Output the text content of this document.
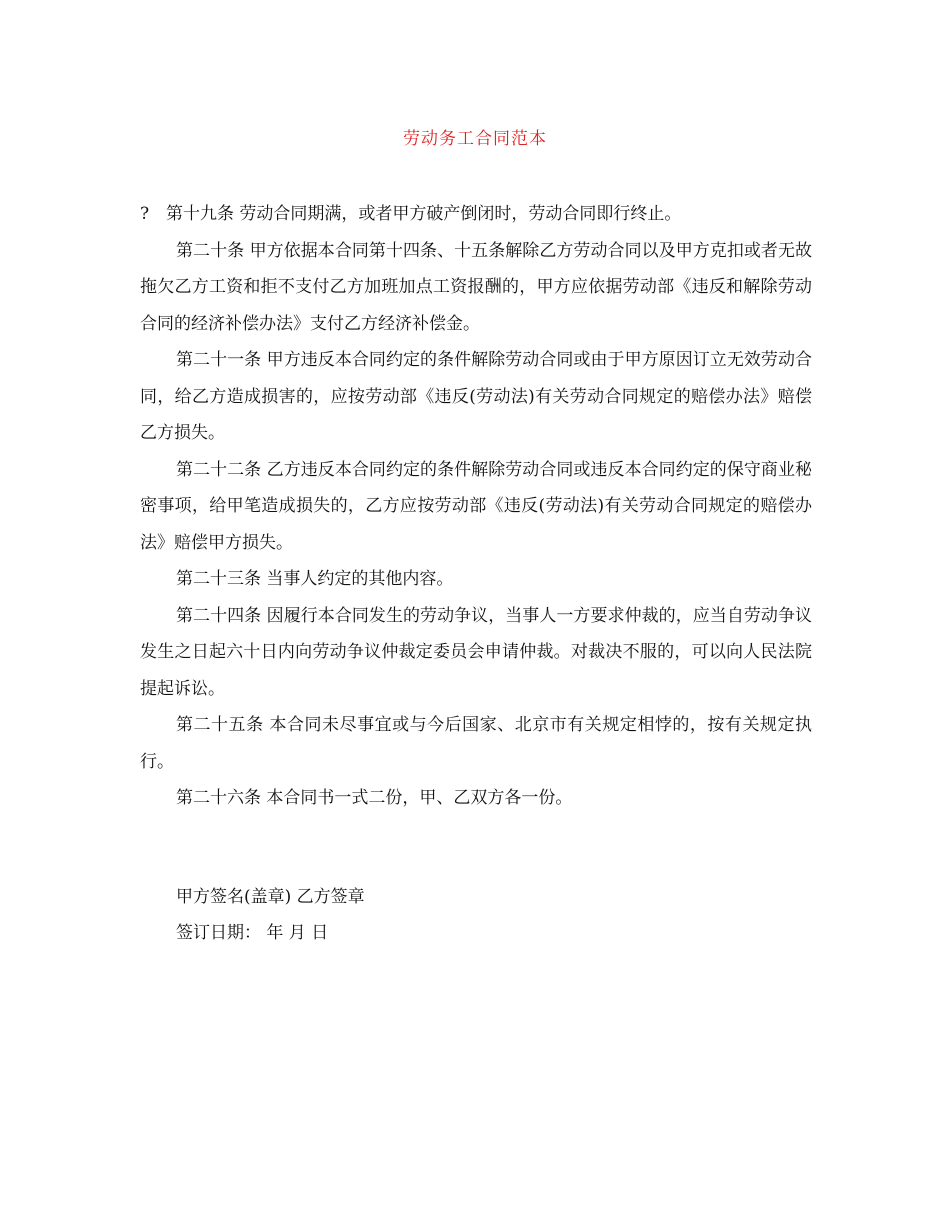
劳动务工合同范本

? 第十九条 劳动合同期满，或者甲方破产倒闭时，劳动合同即行终止。

第二十条 甲方依据本合同第十四条、十五条解除乙方劳动合同以及甲方克扣或者无故拖欠乙方工资和拒不支付乙方加班加点工资报酬的，甲方应依据劳动部《违反和解除劳动合同的经济补偿办法》支付乙方经济补偿金。

第二十一条 甲方违反本合同约定的条件解除劳动合同或由于甲方原因订立无效劳动合同，给乙方造成损害的，应按劳动部《违反(劳动法)有关劳动合同规定的赔偿办法》赔偿乙方损失。

第二十二条 乙方违反本合同约定的条件解除劳动合同或违反本合同约定的保守商业秘密事项，给甲笔造成损失的，乙方应按劳动部《违反(劳动法)有关劳动合同规定的赔偿办法》赔偿甲方损失。

第二十三条 当事人约定的其他内容。

第二十四条 因履行本合同发生的劳动争议，当事人一方要求仲裁的，应当自劳动争议发生之日起六十日内向劳动争议仲裁定委员会申请仲裁。对裁决不服的，可以向人民法院提起诉讼。

第二十五条 本合同未尽事宜或与今后国家、北京市有关规定相悖的，按有关规定执行。

第二十六条 本合同书一式二份，甲、乙双方各一份。

甲方签名(盖章) 乙方签章

签订日期： 年 月 日
